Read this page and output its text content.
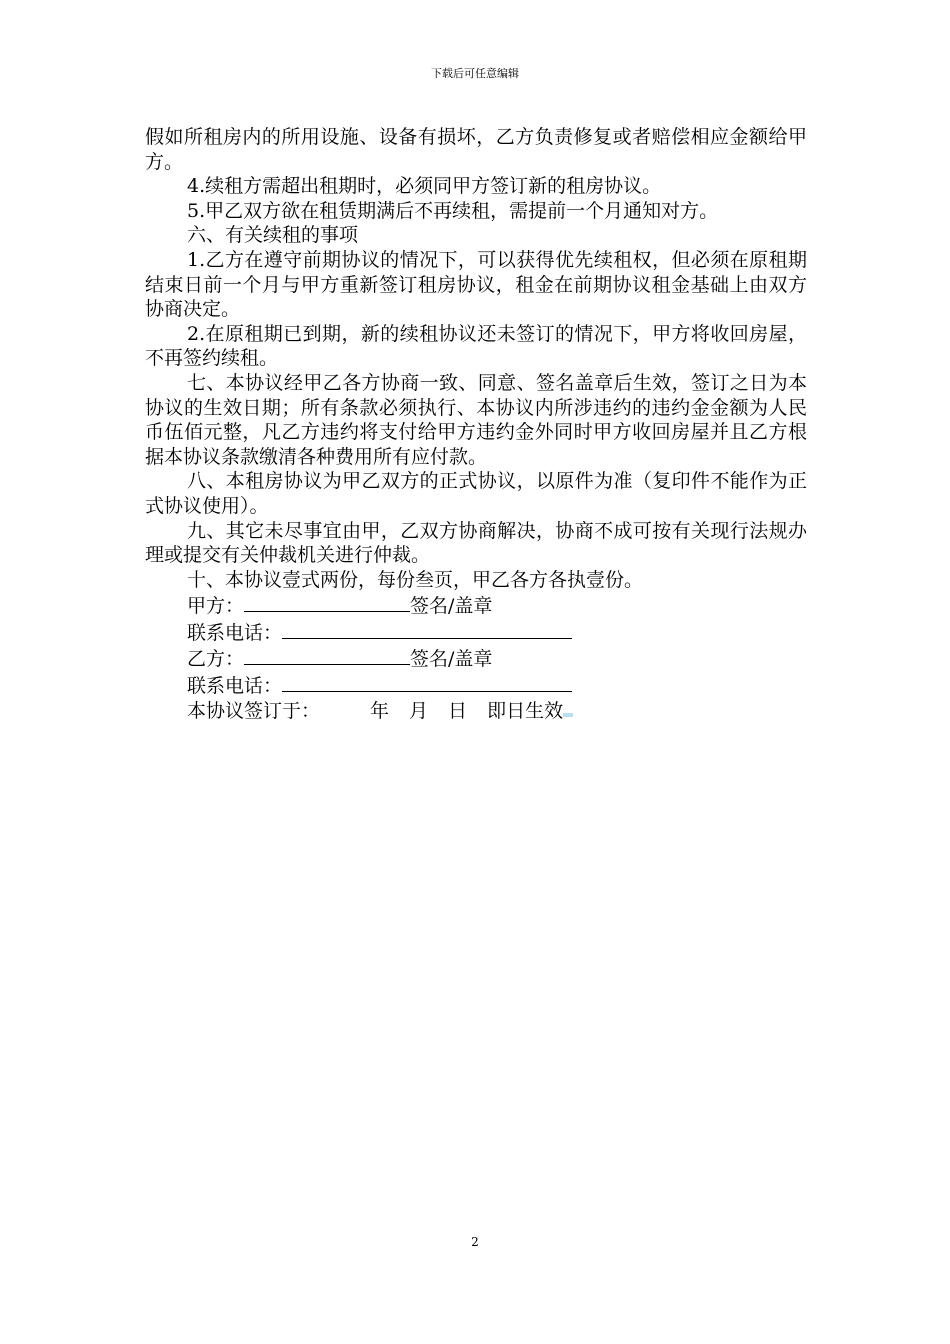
下载后可任意编辑

假如所租房内的所用设施、设备有损坏，乙方负责修复或者赔偿相应金额给甲方。

4.续租方需超出租期时，必须同甲方签订新的租房协议。

5.甲乙双方欲在租赁期满后不再续租，需提前一个月通知对方。

六、有关续租的事项

1.乙方在遵守前期协议的情况下，可以获得优先续租权，但必须在原租期结束日前一个月与甲方重新签订租房协议，租金在前期协议租金基础上由双方协商决定。

2.在原租期已到期，新的续租协议还未签订的情况下，甲方将收回房屋，不再签约续租。

七、本协议经甲乙各方协商一致、同意、签名盖章后生效，签订之日为本协议的生效日期；所有条款必须执行、本协议内所涉违约的违约金金额为人民币伍佰元整，凡乙方违约将支付给甲方违约金外同时甲方收回房屋并且乙方根据本协议条款缴清各种费用所有应付款。

八、本租房协议为甲乙双方的正式协议，以原件为准（复印件不能作为正式协议使用）。

九、其它未尽事宜由甲，乙双方协商解决，协商不成可按有关现行法规办理或提交有关仲裁机关进行仲裁。

十、本协议壹式两份，每份叁页，甲乙各方各执壹份。

甲方：	签名/盖章
联系电话：
乙方：	签名/盖章
联系电话：
本协议签订于：	年 月 日 即日生效
2
